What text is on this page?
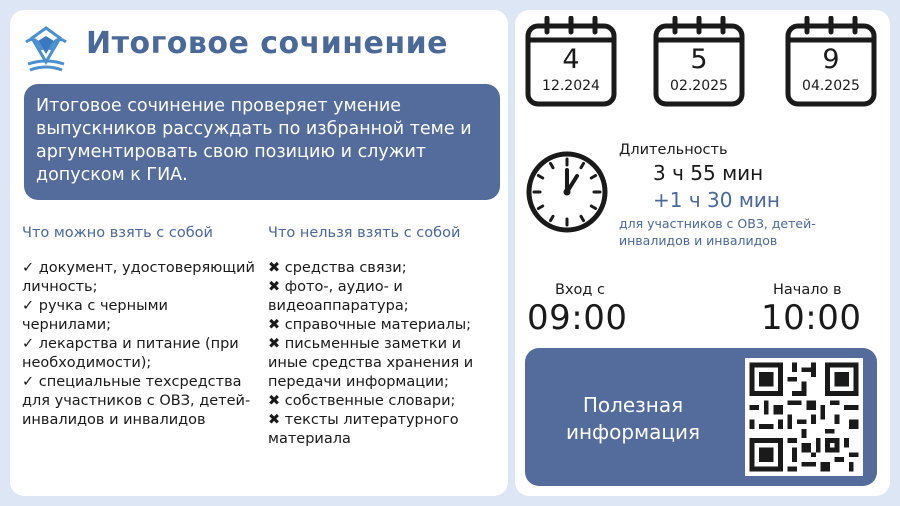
Итоговое сочинение
Итоговое сочинение проверяет умение выпускников рассуждать по избранной теме и аргументировать свою позицию и служит допуском к ГИА.
Что можно взять с собой	Что нельзя взять с собой
✓ документ, удостоверяющий личность;
✓ ручка с черными чернилами;
✓ лекарства и питание (при необходимости);
✓ специальные техсредства для участников с ОВЗ, детей-инвалидов и инвалидов
✖ средства связи;
✖ фото-, аудио- и видеоаппаратура;
✖ справочные материалы;
✖ письменные заметки и иные средства хранения и передачи информации;
✖ собственные словари;
✖ тексты литературного материала
4
12.2024
5
02.2025
9
04.2025
Длительность
3 ч 55 мин
+1 ч 30 мин
для участников с ОВЗ, детей-инвалидов и инвалидов
Вход с
09:00
Начало в
10:00
Полезная информация
